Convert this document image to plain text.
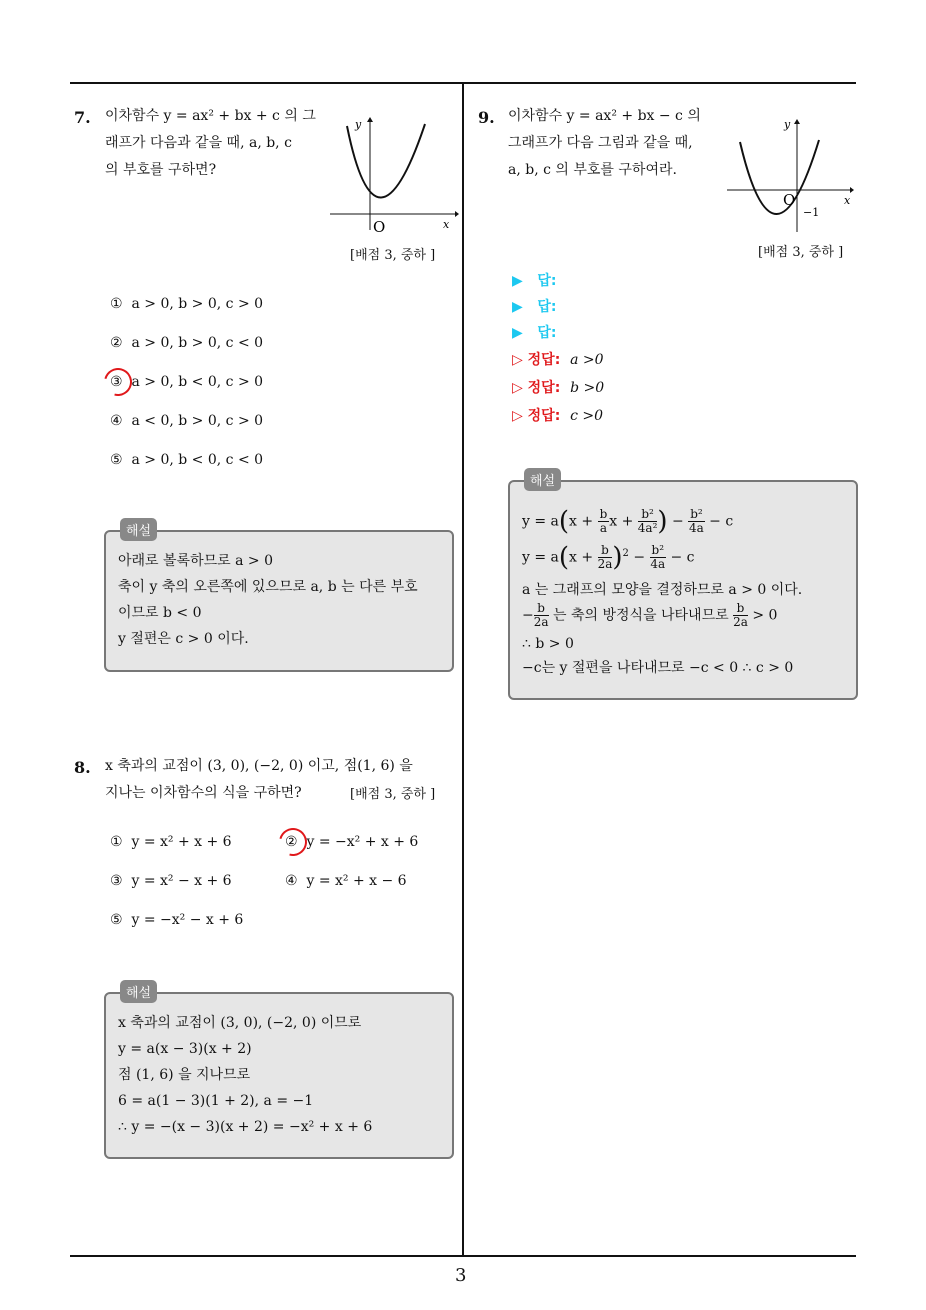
3
7. 이차함수 y = ax² + bx + c 의 그
래프가 다음과 같을 때, a, b, c
의 부호를 구하면?
y
x
O
[배점 3, 중하 ]
① a > 0, b > 0, c > 0
② a > 0, b > 0, c < 0
③ a > 0, b < 0, c > 0
④ a < 0, b > 0, c > 0
⑤ a > 0, b < 0, c < 0
아래로 볼록하므로 a > 0
축이 y 축의 오른쪽에 있으므로 a, b 는 다른 부호
이므로 b < 0
y 절편은 c > 0 이다.
해설
8. x 축과의 교점이 (3, 0), (−2, 0) 이고, 점(1, 6) 을
지나는 이차함수의 식을 구하면?	[배점 3, 중하 ]
① y = x² + x + 6	② y = −x² + x + 6
③ y = x² − x + 6	④ y = x² + x − 6
⑤ y = −x² − x + 6
x 축과의 교점이 (3, 0), (−2, 0) 이므로
y = a(x − 3)(x + 2)
점 (1, 6) 을 지나므로
6 = a(1 − 3)(1 + 2), a = −1
∴ y = −(x − 3)(x + 2) = −x² + x + 6
해설
9. 이차함수 y = ax² + bx − c 의
그래프가 다음 그림과 같을 때,
a, b, c 의 부호를 구하여라.
y
x
O
−1
[배점 3, 중하 ]
▶ 답:
▶ 답:
▶ 답:
▷ 정답: a >0
▷ 정답: b >0
▷ 정답: c >0
$y = a(x + \frac{b}{a}$ $x + \frac{\text{b²}}{\text{4a²}}$ ) − $\frac{\text{b²}}{4a} - c$
$y = a(x + \frac{b}{2a} )^2 - \frac{\text{b²}}{4a} - c$
a 는 그래프의 모양을 결정하므로 a > 0 이다.
− $\frac{b}{2a}$ 는 축의 방정식을 나타내므로 $\frac{b}{2a} > 0$
∴ b > 0
−c는 y 절편을 나타내므로 −c < 0 ∴ c > 0
해설
